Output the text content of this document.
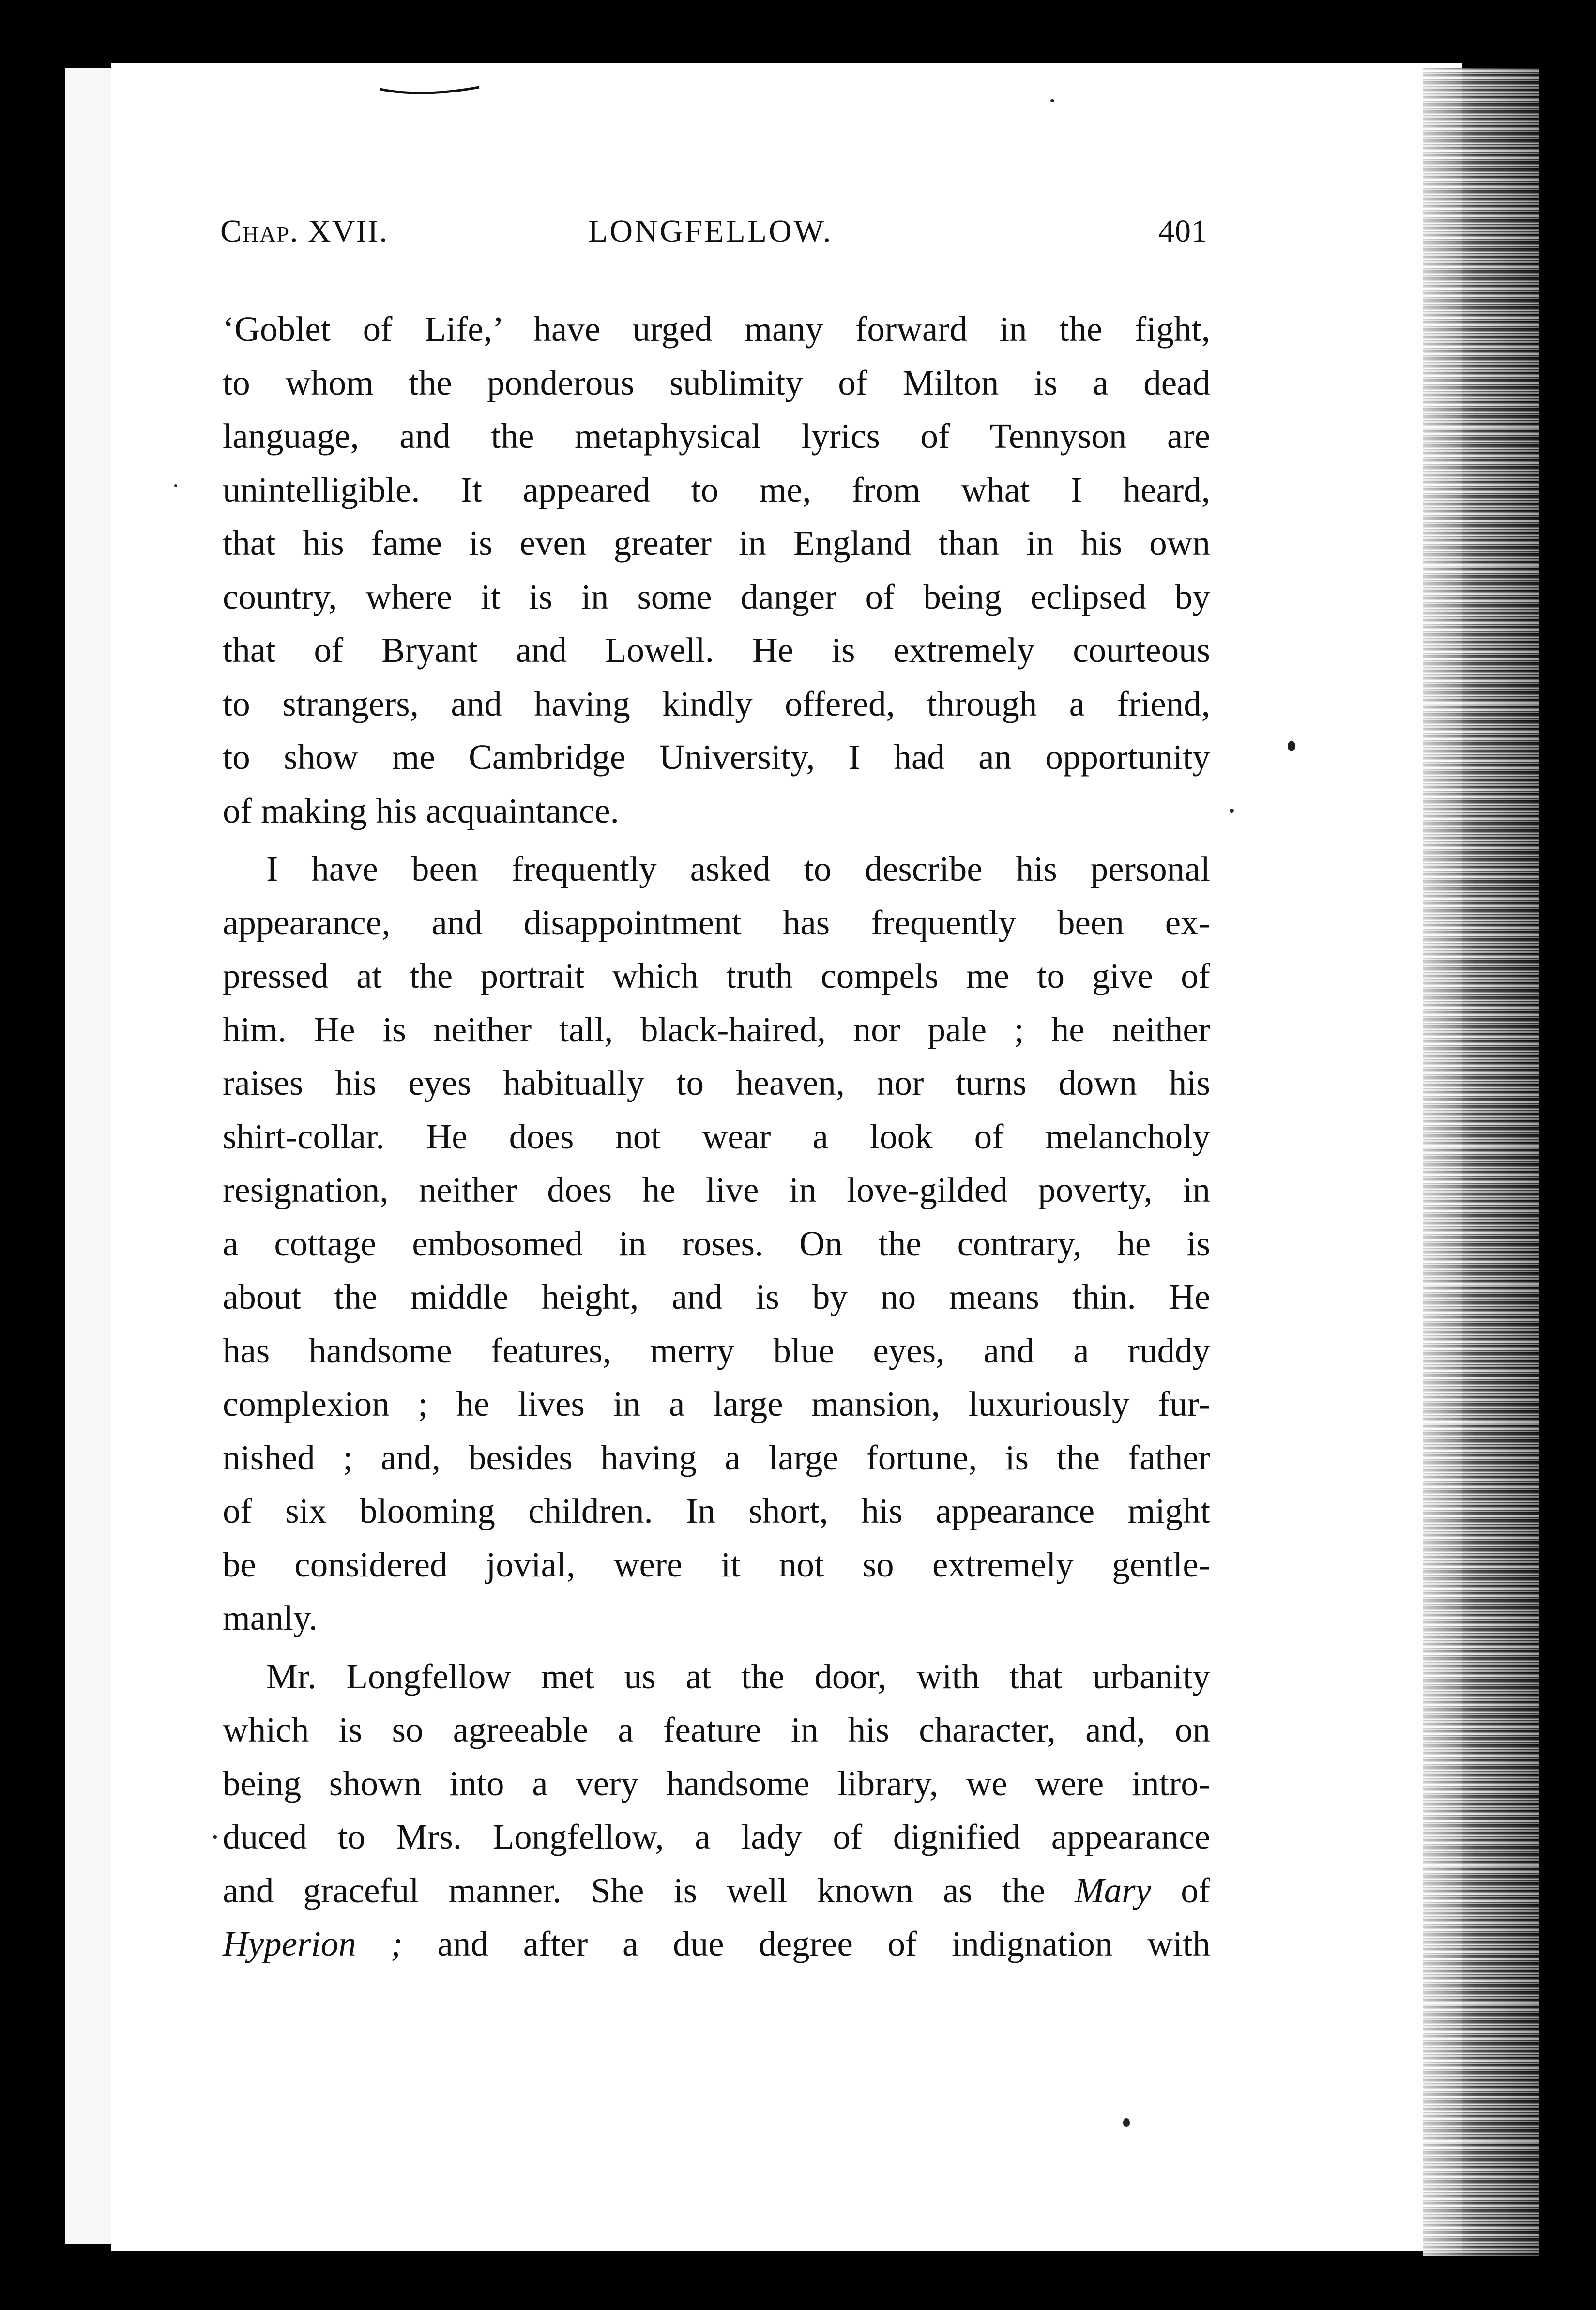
Chap. XVII.	LONGFELLOW.	401
‘Goblet of Life,’ have urged many forward in the fight,
to whom the ponderous sublimity of Milton is a dead
language, and the metaphysical lyrics of Tennyson are
unintelligible. It appeared to me, from what I heard,
that his fame is even greater in England than in his own
country, where it is in some danger of being eclipsed by
that of Bryant and Lowell. He is extremely courteous
to strangers, and having kindly offered, through a friend,
to show me Cambridge University, I had an opportunity
of making his acquaintance.
I have been frequently asked to describe his personal
appearance, and disappointment has frequently been ex-
pressed at the portrait which truth compels me to give of
him. He is neither tall, black-haired, nor pale ; he neither
raises his eyes habitually to heaven, nor turns down his
shirt-collar. He does not wear a look of melancholy
resignation, neither does he live in love-gilded poverty, in
a cottage embosomed in roses. On the contrary, he is
about the middle height, and is by no means thin. He
has handsome features, merry blue eyes, and a ruddy
complexion ; he lives in a large mansion, luxuriously fur-
nished ; and, besides having a large fortune, is the father
of six blooming children. In short, his appearance might
be considered jovial, were it not so extremely gentle-
manly.
Mr. Longfellow met us at the door, with that urbanity
which is so agreeable a feature in his character, and, on
being shown into a very handsome library, we were intro-
duced to Mrs. Longfellow, a lady of dignified appearance
and graceful manner. She is well known as the Mary of
Hyperion ; and after a due degree of indignation with
